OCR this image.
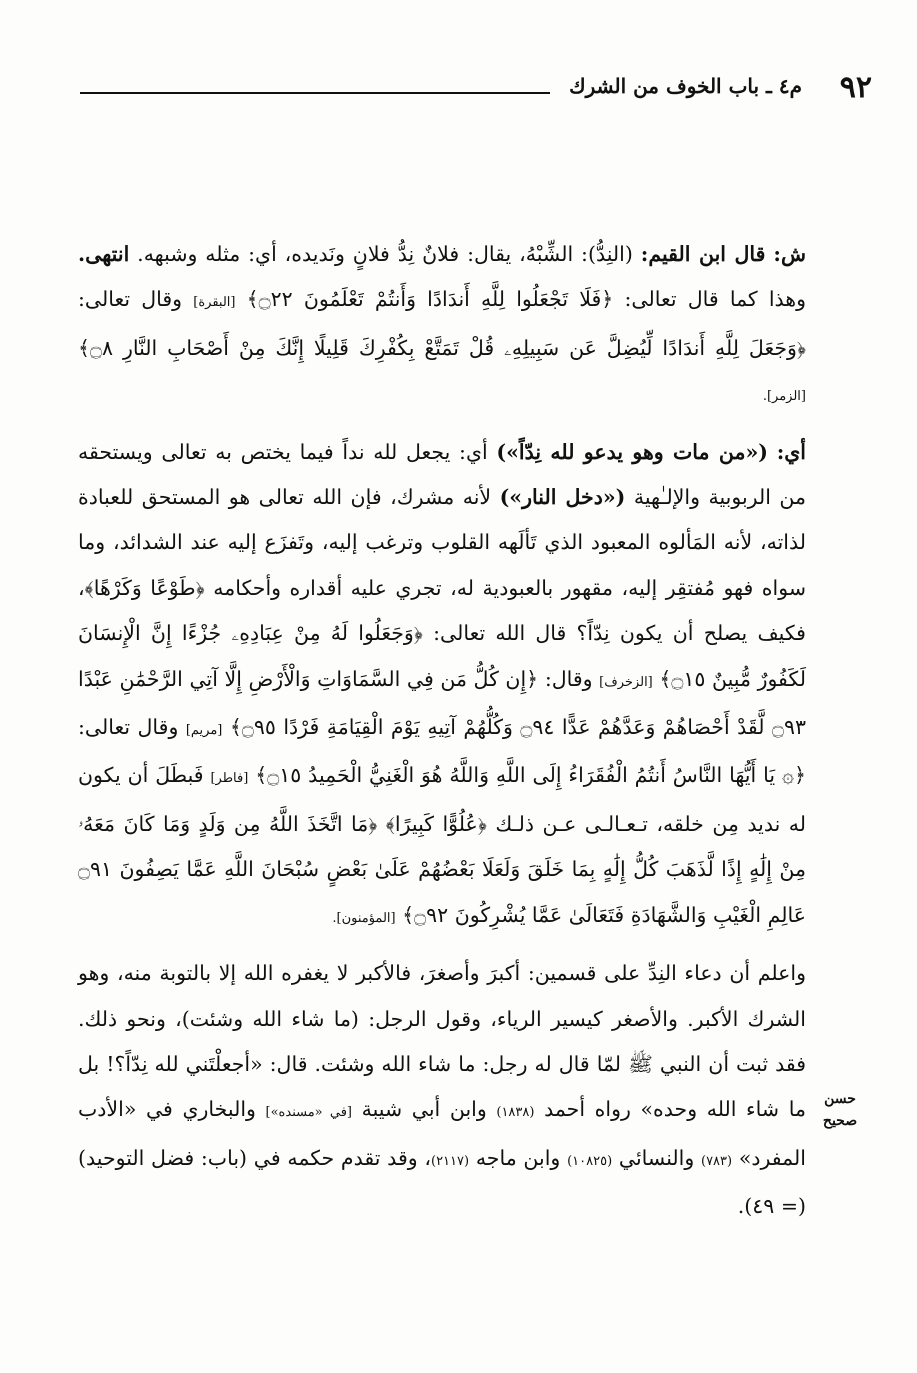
٩٢
م٤ ـ باب الخوف من الشرك

ش: قال ابن القيم: (النِدُّ): الشِّبْهُ، يقال: فلانٌ نِدُّ فلانٍ ونَديده، أي: مثله وشبهه. انتهى. وهذا كما قال تعالى: ﴿فَلَا تَجْعَلُوا لِلَّهِ أَندَادًا وَأَنتُمْ تَعْلَمُونَ ۝٢٢﴾ [البقرة] وقال تعالى: ﴿وَجَعَلَ لِلَّهِ أَندَادًا لِّيُضِلَّ عَن سَبِيلِهِۦ قُلْ تَمَتَّعْ بِكُفْرِكَ قَلِيلًا إِنَّكَ مِنْ أَصْحَابِ النَّارِ ۝٨﴾ [الزمر].

أي: («من مات وهو يدعو لله نِدّاً») أي: يجعل لله نداً فيما يختص به تعالى ويستحقه من الربوبية والإلـٰهية («دخل النار») لأنه مشرك، فإن الله تعالى هو المستحق للعبادة لذاته، لأنه المَألوه المعبود الذي تَألَهه القلوب وترغب إليه، وتَفزَع إليه عند الشدائد، وما سواه فهو مُفتقِر إليه، مقهور بالعبودية له، تجري عليه أقداره وأحكامه ﴿طَوْعًا وَكَرْهًا﴾، فكيف يصلح أن يكون نِدّاً؟ قال الله تعالى: ﴿وَجَعَلُوا لَهُ مِنْ عِبَادِهِۦ جُزْءًا إِنَّ الْإِنسَانَ لَكَفُورٌ مُّبِينٌ ۝١٥﴾ [الزخرف] وقال: ﴿إِن كُلُّ مَن فِي السَّمَاوَاتِ وَالْأَرْضِ إِلَّا آتِي الرَّحْمَٰنِ عَبْدًا ۝٩٣ لَّقَدْ أَحْصَاهُمْ وَعَدَّهُمْ عَدًّا ۝٩٤ وَكُلُّهُمْ آتِيهِ يَوْمَ الْقِيَامَةِ فَرْدًا ۝٩٥﴾ [مريم] وقال تعالى: ﴿۞ يَا أَيُّهَا النَّاسُ أَنتُمُ الْفُقَرَاءُ إِلَى اللَّهِ وَاللَّهُ هُوَ الْغَنِيُّ الْحَمِيدُ ۝١٥﴾ [فاطر] فَبطَلَ أن يكون له نديد مِن خلقه، تـعـالـى عـن ذلـك ﴿عُلُوًّا كَبِيرًا﴾ ﴿مَا اتَّخَذَ اللَّهُ مِن وَلَدٍ وَمَا كَانَ مَعَهُۥ مِنْ إِلَٰهٍ إِذًا لَّذَهَبَ كُلُّ إِلَٰهٍ بِمَا خَلَقَ وَلَعَلَا بَعْضُهُمْ عَلَىٰ بَعْضٍ سُبْحَانَ اللَّهِ عَمَّا يَصِفُونَ ۝٩١ عَالِمِ الْغَيْبِ وَالشَّهَادَةِ فَتَعَالَىٰ عَمَّا يُشْرِكُونَ ۝٩٢﴾ [المؤمنون].

واعلم أن دعاء النِدِّ على قسمين: أكبرَ وأصغرَ، فالأكبر لا يغفره الله إلا بالتوبة منه، وهو الشرك الأكبر. والأصغر كيسير الرياء، وقول الرجل: (ما شاء الله وشئت)، ونحو ذلك. فقد ثبت أن النبي ﷺ لمّا قال له رجل: ما شاء الله وشئت. قال: «أجعلْتَني لله نِدّاً؟! بل ما شاء الله وحده» رواه أحمد (١٨٣٨) وابن أبي شيبة [في «مسنده»] والبخاري في «الأدب المفرد» (٧٨٣) والنسائي (١٠٨٢٥) وابن ماجه (٢١١٧)، وقد تقدم حكمه في (باب: فضل التوحيد) (= ٤٩).

حسن
صحيح
